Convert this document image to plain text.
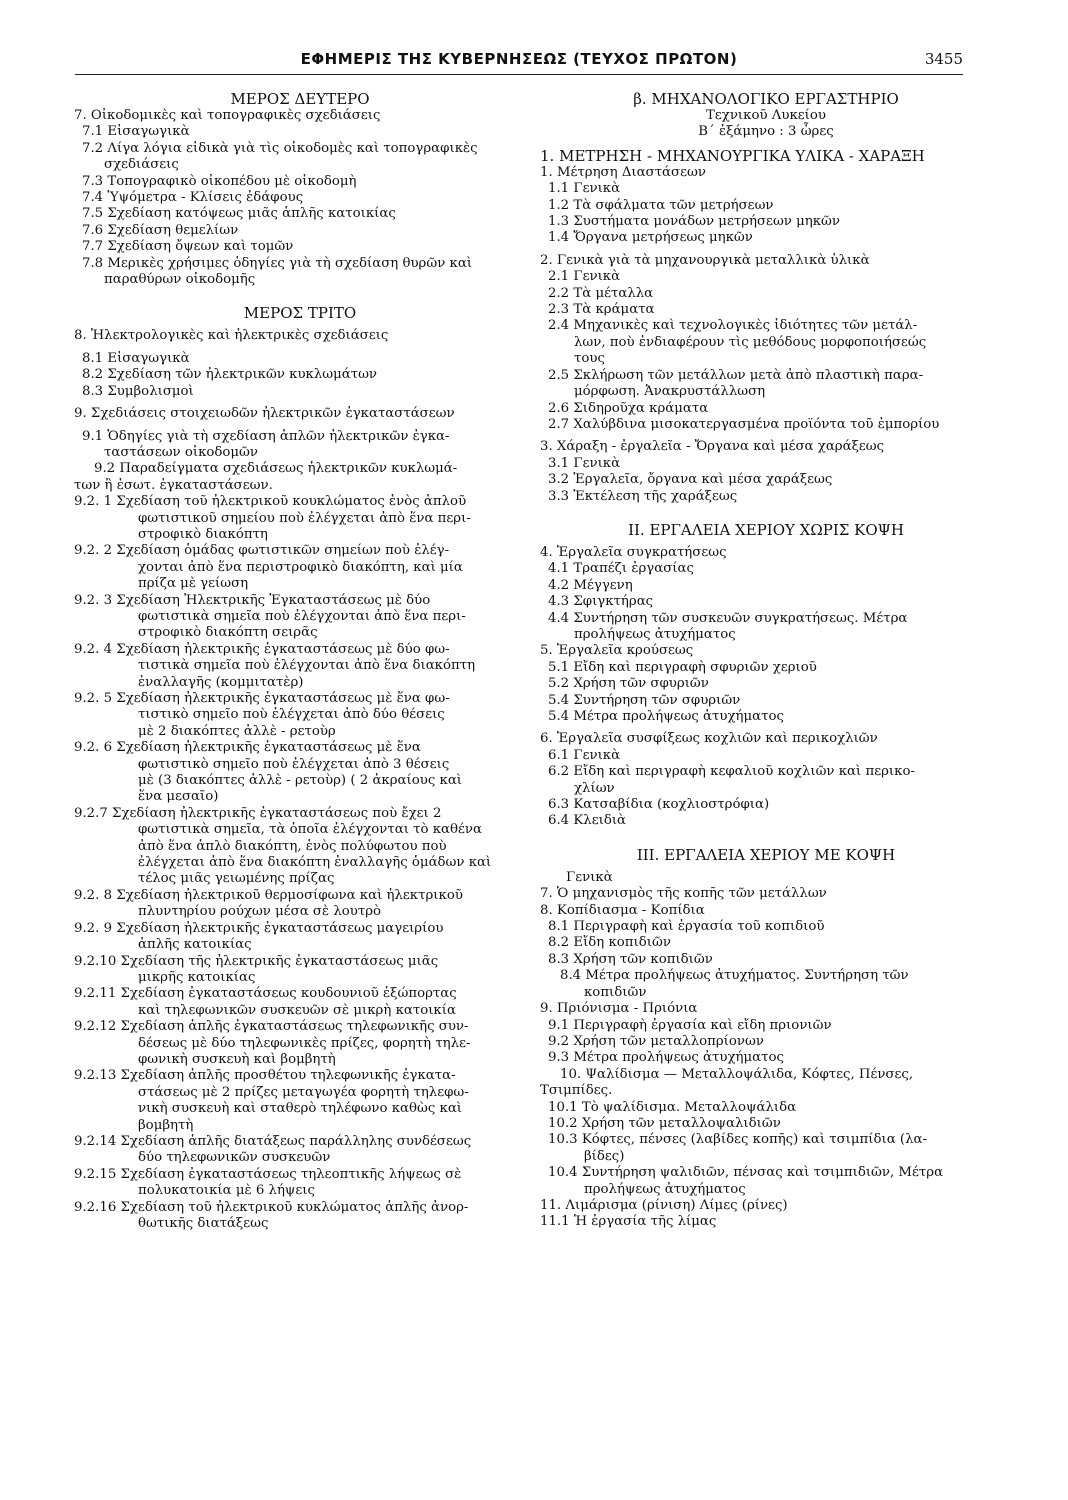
ΕΦΗΜΕΡΙΣ ΤΗΣ ΚΥΒΕΡΝΗΣΕΩΣ (ΤΕΥΧΟΣ ΠΡΩΤΟΝ)	3455
ΜΕΡΟΣ ΔΕΥΤΕΡΟ
7. Οἰκοδομικὲς καὶ τοπογραφικὲς σχεδιάσεις
7.1 Εἰσαγωγικὰ
7.2 Λίγα λόγια εἰδικὰ γιὰ τὶς οἰκοδομὲς καὶ τοπογραφικὲς
σχεδιάσεις
7.3 Τοπογραφικὸ οἰκοπέδου μὲ οἰκοδομὴ
7.4 Ὑψόμετρα - Κλίσεις ἐδάφους
7.5 Σχεδίαση κατόψεως μιᾶς ἁπλῆς κατοικίας
7.6 Σχεδίαση θεμελίων
7.7 Σχεδίαση ὄψεων καὶ τομῶν
7.8 Μερικὲς χρήσιμες ὁδηγίες γιὰ τὴ σχεδίαση θυρῶν καὶ
παραθύρων οἰκοδομῆς
ΜΕΡΟΣ ΤΡΙΤΟ
8. Ἠλεκτρολογικὲς καὶ ἠλεκτρικὲς σχεδιάσεις
8.1 Εἰσαγωγικὰ
8.2 Σχεδίαση τῶν ἠλεκτρικῶν κυκλωμάτων
8.3 Συμβολισμοὶ
9. Σχεδιάσεις στοιχειωδῶν ἠλεκτρικῶν ἐγκαταστάσεων
9.1 Ὁδηγίες γιὰ τὴ σχεδίαση ἁπλῶν ἠλεκτρικῶν ἐγκα-
ταστάσεων οἰκοδομῶν
9.2 Παραδείγματα σχεδιάσεως ἠλεκτρικῶν κυκλωμά-
των ἢ ἐσωτ. ἐγκαταστάσεων.
9.2. 1 Σχεδίαση τοῦ ἠλεκτρικοῦ κουκλώματος ἑνὸς ἁπλοῦ
φωτιστικοῦ σημείου ποὺ ἐλέγχεται ἀπὸ ἕνα περι-
στροφικὸ διακόπτη
9.2. 2 Σχεδίαση ὁμάδας φωτιστικῶν σημείων ποὺ ἐλέγ-
χονται ἀπὸ ἕνα περιστροφικὸ διακόπτη, καὶ μία
πρίζα μὲ γείωση
9.2. 3 Σχεδίαση Ἠλεκτρικῆς Ἐγκαταστάσεως μὲ δύο
φωτιστικὰ σημεῖα ποὺ ἐλέγχονται ἀπὸ ἕνα περι-
στροφικὸ διακόπτη σειρᾶς
9.2. 4 Σχεδίαση ἠλεκτρικῆς ἐγκαταστάσεως μὲ δύο φω-
τιστικὰ σημεῖα ποὺ ἐλέγχονται ἀπὸ ἕνα διακόπτη
ἐναλλαγῆς (κομμιτατὲρ)
9.2. 5 Σχεδίαση ἠλεκτρικῆς ἐγκαταστάσεως μὲ ἕνα φω-
τιστικὸ σημεῖο ποὺ ἐλέγχεται ἀπὸ δύο θέσεις
μὲ 2 διακόπτες ἀλλὲ - ρετοὺρ
9.2. 6 Σχεδίαση ἠλεκτρικῆς ἐγκαταστάσεως μὲ ἕνα
φωτιστικὸ σημεῖο ποὺ ἐλέγχεται ἀπὸ 3 θέσεις
μὲ (3 διακόπτες ἀλλὲ - ρετοὺρ) ( 2 ἀκραίους καὶ
ἕνα μεσαῖο)
9.2.7 Σχεδίαση ἠλεκτρικῆς ἐγκαταστάσεως ποὺ ἔχει 2
φωτιστικὰ σημεῖα, τὰ ὁποῖα ἐλέγχονται τὸ καθένα
ἀπὸ ἕνα ἁπλὸ διακόπτη, ἑνὸς πολύφωτου ποὺ
ἐλέγχεται ἀπὸ ἕνα διακόπτη ἐναλλαγῆς ὁμάδων καὶ
τέλος μιᾶς γειωμένης πρίζας
9.2. 8 Σχεδίαση ἠλεκτρικοῦ θερμοσίφωνα καὶ ἠλεκτρικοῦ
πλυντηρίου ρούχων μέσα σὲ λουτρὸ
9.2. 9 Σχεδίαση ἠλεκτρικῆς ἐγκαταστάσεως μαγειρίου
ἁπλῆς κατοικίας
9.2.10 Σχεδίαση τῆς ἠλεκτρικῆς ἐγκαταστάσεως μιᾶς
μικρῆς κατοικίας
9.2.11 Σχεδίαση ἐγκαταστάσεως κουδουνιοῦ ἐξώπορτας
καὶ τηλεφωνικῶν συσκευῶν σὲ μικρὴ κατοικία
9.2.12 Σχεδίαση ἁπλῆς ἐγκαταστάσεως τηλεφωνικῆς συν-
δέσεως μὲ δύο τηλεφωνικὲς πρίζες, φορητὴ τηλε-
φωνικὴ συσκευὴ καὶ βομβητὴ
9.2.13 Σχεδίαση ἁπλῆς προσθέτου τηλεφωνικῆς ἐγκατα-
στάσεως μὲ 2 πρίζες μεταγωγέα φορητὴ τηλεφω-
νικὴ συσκευὴ καὶ σταθερὸ τηλέφωνο καθὼς καὶ
βομβητὴ
9.2.14 Σχεδίαση ἁπλῆς διατάξεως παράλληλης συνδέσεως
δύο τηλεφωνικῶν συσκευῶν
9.2.15 Σχεδίαση ἐγκαταστάσεως τηλεοπτικῆς λήψεως σὲ
πολυκατοικία μὲ 6 λήψεις
9.2.16 Σχεδίαση τοῦ ἠλεκτρικοῦ κυκλώματος ἁπλῆς ἀνορ-
θωτικῆς διατάξεως
β. ΜΗΧΑΝΟΛΟΓΙΚΟ ΕΡΓΑΣΤΗΡΙΟ
Τεχνικοῦ Λυκείου
Β΄ ἐξάμηνο : 3 ὧρες
1. ΜΕΤΡΗΣΗ - ΜΗΧΑΝΟΥΡΓΙΚΑ ΥΛΙΚΑ - ΧΑΡΑΞΗ
1. Μέτρηση Διαστάσεων
1.1 Γενικὰ
1.2 Τὰ σφάλματα τῶν μετρήσεων
1.3 Συστήματα μονάδων μετρήσεων μηκῶν
1.4 Ὄργανα μετρήσεως μηκῶν
2. Γενικὰ γιὰ τὰ μηχανουργικὰ μεταλλικὰ ὑλικὰ
2.1 Γενικὰ
2.2 Τὰ μέταλλα
2.3 Τὰ κράματα
2.4 Μηχανικὲς καὶ τεχνολογικὲς ἰδιότητες τῶν μετάλ-
λων, ποὺ ἐνδιαφέρουν τὶς μεθόδους μορφοποιήσεώς
τους
2.5 Σκλήρωση τῶν μετάλλων μετὰ ἀπὸ πλαστικὴ παρα-
μόρφωση. Ἀνακρυστάλλωση
2.6 Σιδηροῦχα κράματα
2.7 Χαλύβδινα μισοκατεργασμένα προϊόντα τοῦ ἐμπορίου
3. Χάραξη - ἐργαλεῖα - Ὄργανα καὶ μέσα χαράξεως
3.1 Γενικὰ
3.2 Ἐργαλεῖα, ὄργανα καὶ μέσα χαράξεως
3.3 Ἐκτέλεση τῆς χαράξεως
ΙΙ. ΕΡΓΑΛΕΙΑ ΧΕΡΙΟΥ ΧΩΡΙΣ ΚΟΨΗ
4. Ἐργαλεῖα συγκρατήσεως
4.1 Τραπέζι ἐργασίας
4.2 Μέγγενη
4.3 Σφιγκτήρας
4.4 Συντήρηση τῶν συσκευῶν συγκρατήσεως. Μέτρα
προλήψεως ἀτυχήματος
5. Ἐργαλεῖα κρούσεως
5.1 Εἴδη καὶ περιγραφὴ σφυριῶν χεριοῦ
5.2 Χρήση τῶν σφυριῶν
5.4 Συντήρηση τῶν σφυριῶν
5.4 Μέτρα προλήψεως ἀτυχήματος
6. Ἐργαλεῖα συσφίξεως κοχλιῶν καὶ περικοχλιῶν
6.1 Γενικὰ
6.2 Εἴδη καὶ περιγραφὴ κεφαλιοῦ κοχλιῶν καὶ περικο-
χλίων
6.3 Κατσαβίδια (κοχλιοστρόφια)
6.4 Κλειδιὰ
ΙΙΙ. ΕΡΓΑΛΕΙΑ ΧΕΡΙΟΥ ΜΕ ΚΟΨΗ
Γενικὰ
7. Ὁ μηχανισμὸς τῆς κοπῆς τῶν μετάλλων
8. Κοπίδιασμα - Κοπίδια
8.1 Περιγραφὴ καὶ ἐργασία τοῦ κοπιδιοῦ
8.2 Εἴδη κοπιδιῶν
8.3 Χρήση τῶν κοπιδιῶν
8.4 Μέτρα προλήψεως ἀτυχήματος. Συντήρηση τῶν
κοπιδιῶν
9. Πριόνισμα - Πριόνια
9.1 Περιγραφὴ ἐργασία καὶ εἴδη πριονιῶν
9.2 Χρήση τῶν μεταλλοπρίονων
9.3 Μέτρα προλήψεως ἀτυχήματος
10. Ψαλίδισμα — Μεταλλοψάλιδα, Κόφτες, Πένσες,
Τσιμπίδες.
10.1 Τὸ ψαλίδισμα. Μεταλλοψάλιδα
10.2 Χρήση τῶν μεταλλοψαλιδιῶν
10.3 Κόφτες, πένσες (λαβίδες κοπῆς) καὶ τσιμπίδια (λα-
βίδες)
10.4 Συντήρηση ψαλιδιῶν, πένσας καὶ τσιμπιδιῶν, Μέτρα
προλήψεως ἀτυχήματος
11. Λιμάρισμα (ρίνιση) Λίμες (ρίνες)
11.1 Ἡ ἐργασία τῆς λίμας
